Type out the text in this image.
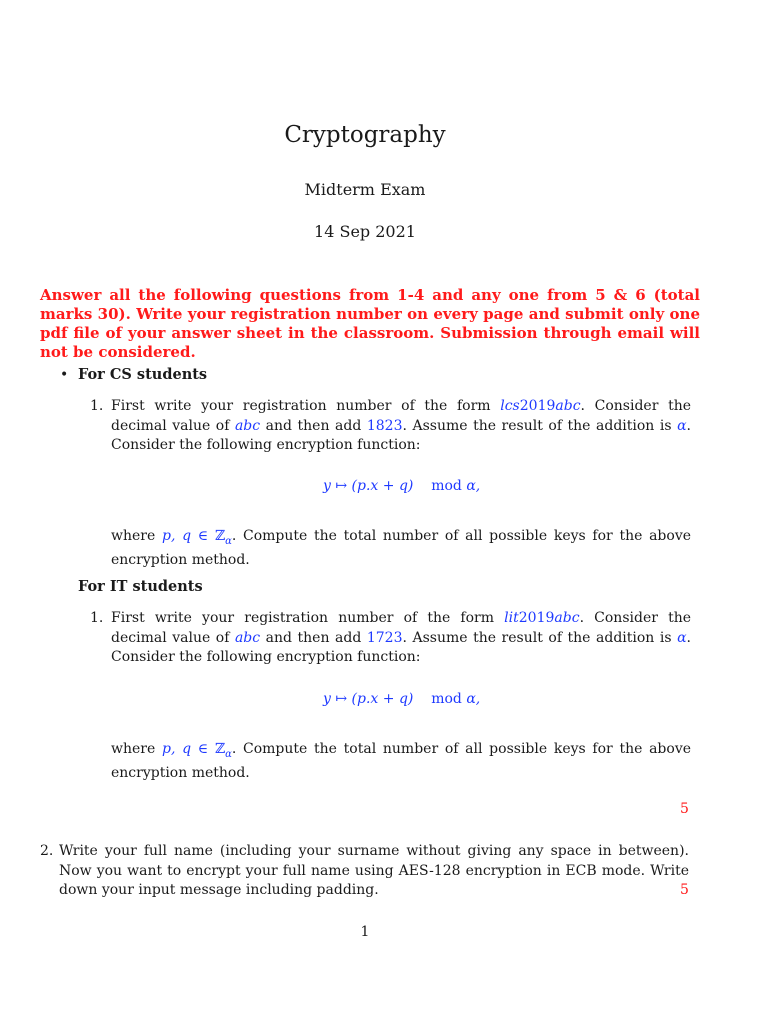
Cryptography
Midterm Exam
14 Sep 2021
Answer all the following questions from 1-4 and any one from 5 & 6 (total marks 30). Write your registration number on every page and submit only one pdf file of your answer sheet in the classroom. Submission through email will not be considered.
• For CS students
1. First write your registration number of the form lcs2019abc. Consider the decimal value of abc and then add 1823. Assume the result of the addition is α. Consider the following encryption function:
y ↦ (p.x + q) mod α,
where p, q ∈ ℤ$_\alpha$. Compute the total number of all possible keys for the above encryption method.
For IT students
1. First write your registration number of the form lit2019abc. Consider the decimal value of abc and then add 1723. Assume the result of the addition is α. Consider the following encryption function:
y ↦ (p.x + q) mod α,
where p, q ∈ ℤ$_\alpha$. Compute the total number of all possible keys for the above encryption method.
5
2. Write your full name (including your surname without giving any space in between). Now you want to encrypt your full name using AES-128 encryption in ECB mode. Write down your input message including padding.	5
1
